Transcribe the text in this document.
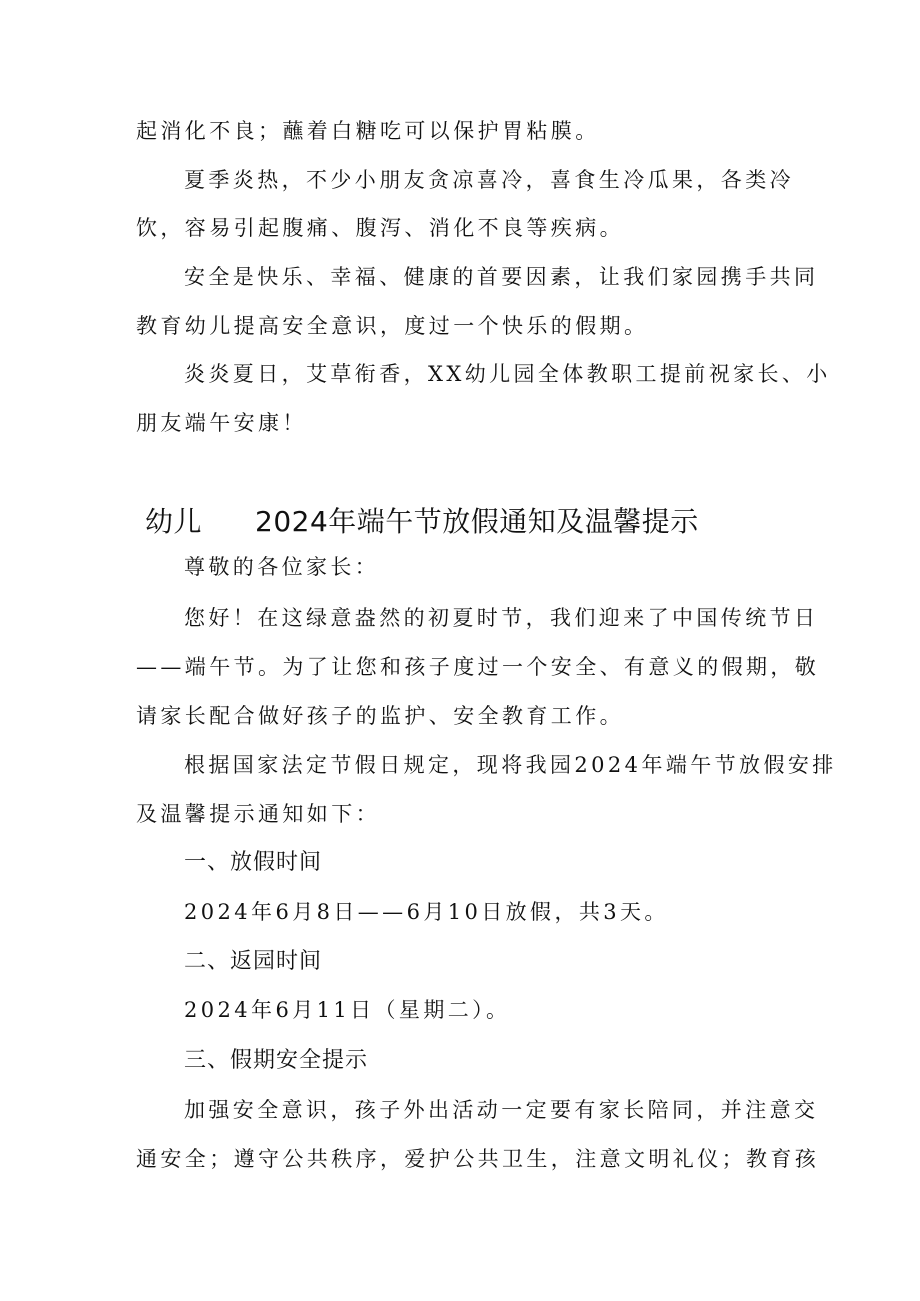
起消化不良；蘸着白糖吃可以保护胃粘膜。
夏季炎热，不少小朋友贪凉喜冷，喜食生冷瓜果，各类冷
饮，容易引起腹痛、腹泻、消化不良等疾病。
安全是快乐、幸福、健康的首要因素，让我们家园携手共同
教育幼儿提高安全意识，度过一个快乐的假期。
炎炎夏日，艾草衔香，XX幼儿园全体教职工提前祝家长、小
朋友端午安康！
幼儿 2024年端午节放假通知及温馨提示
尊敬的各位家长：
您好！在这绿意盎然的初夏时节，我们迎来了中国传统节日
——端午节。为了让您和孩子度过一个安全、有意义的假期，敬
请家长配合做好孩子的监护、安全教育工作。
根据国家法定节假日规定，现将我园2024年端午节放假安排
及温馨提示通知如下：
一、放假时间
2024年6月8日——6月10日放假，共3天。
二、返园时间
2024年6月11日（星期二）。
三、假期安全提示
加强安全意识，孩子外出活动一定要有家长陪同，并注意交
通安全；遵守公共秩序，爱护公共卫生，注意文明礼仪；教育孩
